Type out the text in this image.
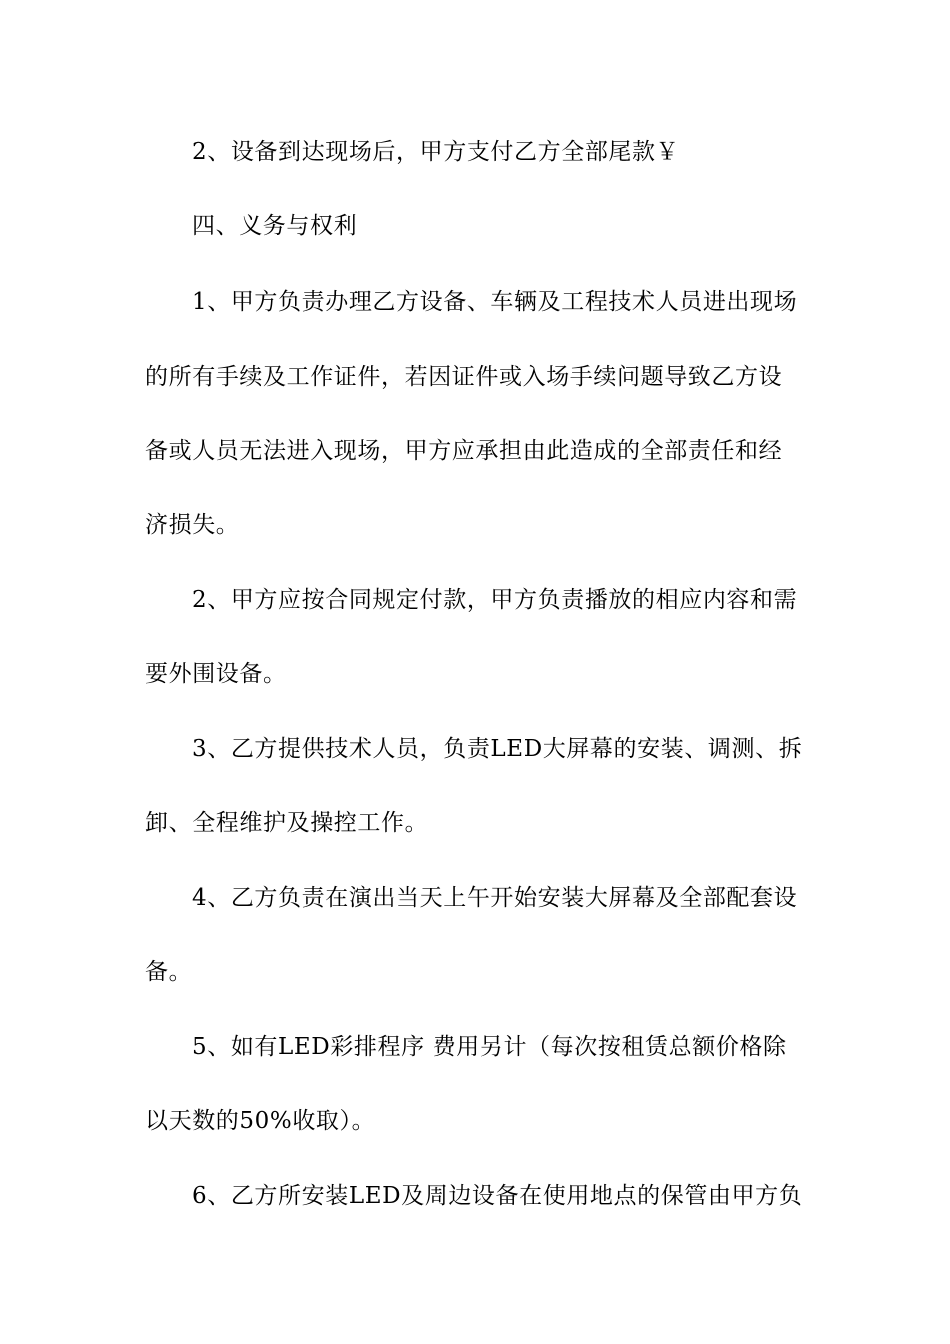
2、设备到达现场后，甲方支付乙方全部尾款￥
四、义务与权利
1、甲方负责办理乙方设备、车辆及工程技术人员进出现场
的所有手续及工作证件，若因证件或入场手续问题导致乙方设
备或人员无法进入现场，甲方应承担由此造成的全部责任和经
济损失。
2、甲方应按合同规定付款，甲方负责播放的相应内容和需
要外围设备。
3、乙方提供技术人员，负责LED大屏幕的安装、调测、拆
卸、全程维护及操控工作。
4、乙方负责在演出当天上午开始安装大屏幕及全部配套设
备。
5、如有LED彩排程序 费用另计（每次按租赁总额价格除
以天数的50%收取）。
6、乙方所安装LED及周边设备在使用地点的保管由甲方负
